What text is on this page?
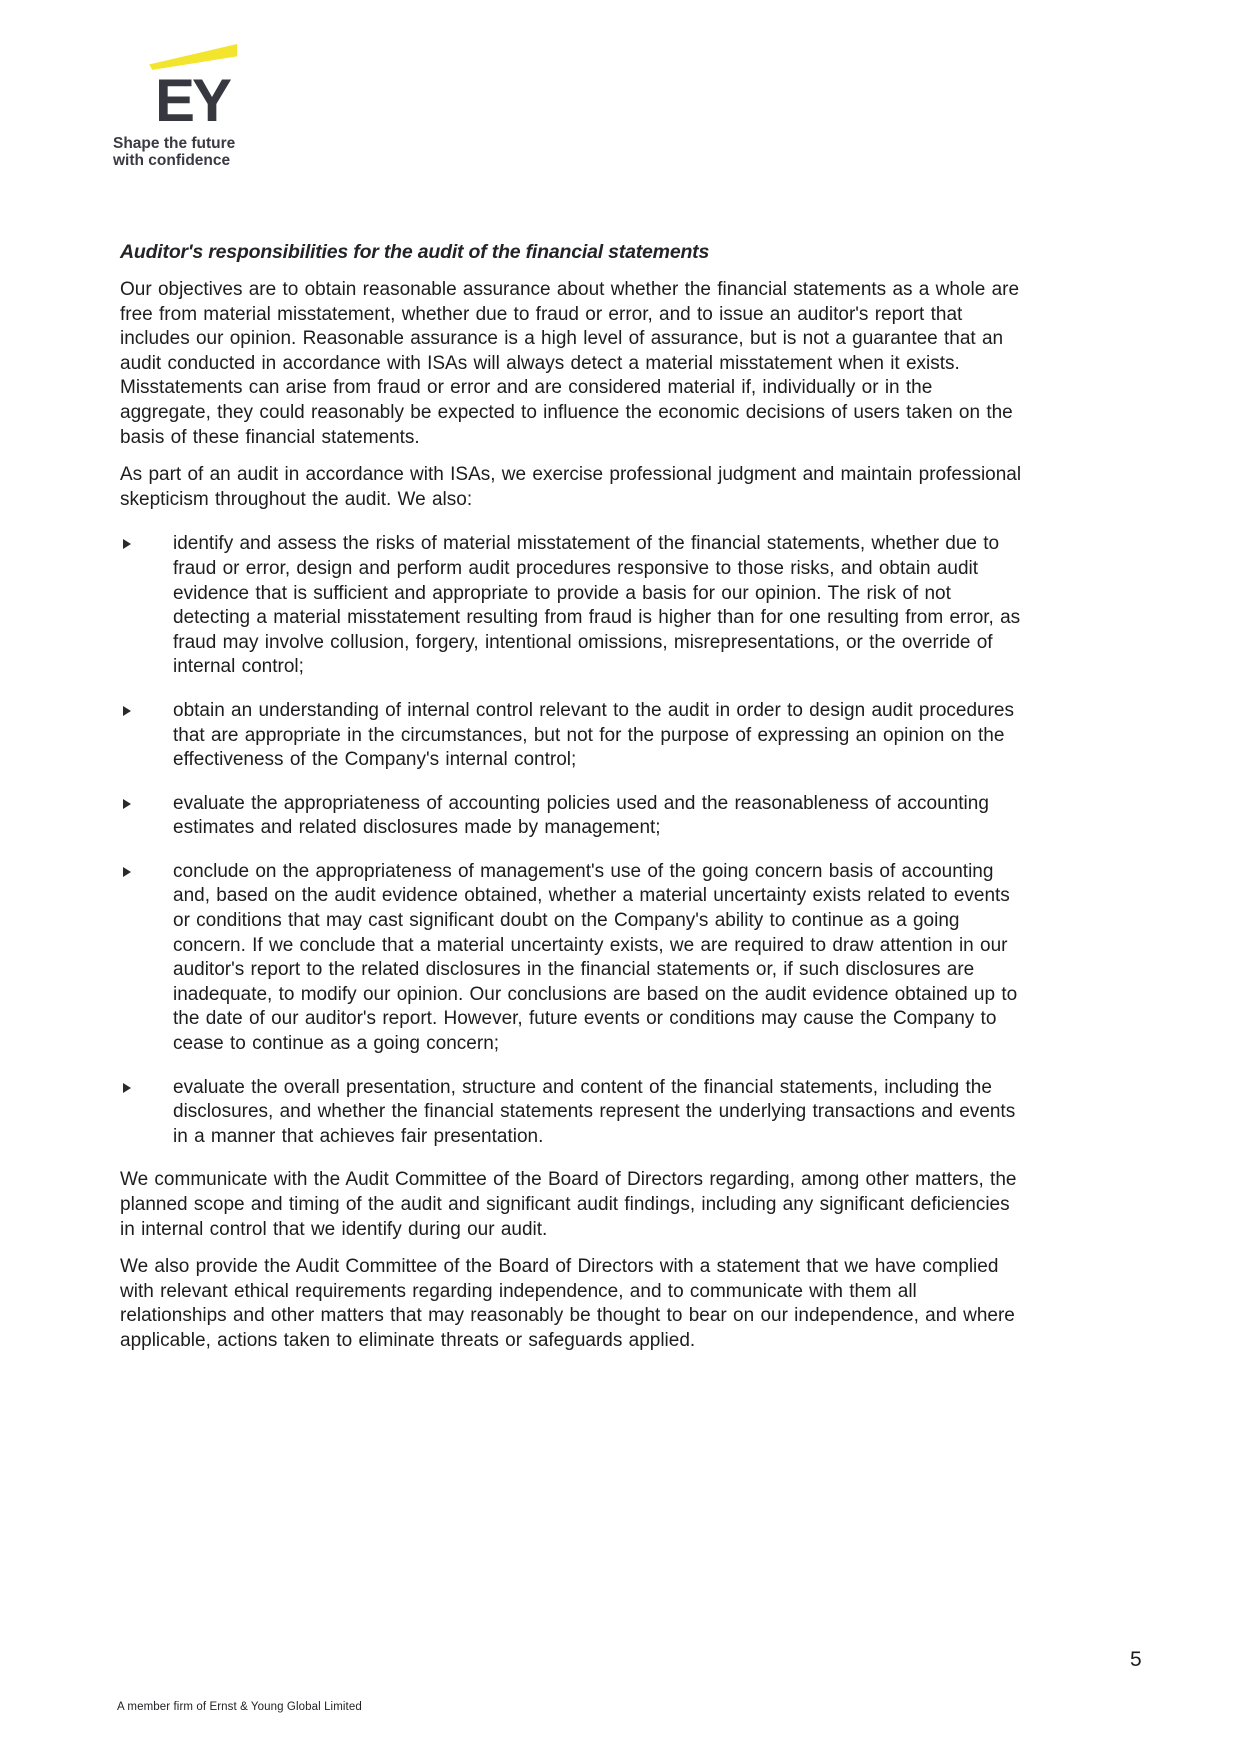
EY
Shape the future
with confidence
Auditor's responsibilities for the audit of the financial statements

Our objectives are to obtain reasonable assurance about whether the financial statements as a whole are free from material misstatement, whether due to fraud or error, and to issue an auditor's report that includes our opinion. Reasonable assurance is a high level of assurance, but is not a guarantee that an audit conducted in accordance with ISAs will always detect a material misstatement when it exists. Misstatements can arise from fraud or error and are considered material if, individually or in the aggregate, they could reasonably be expected to influence the economic decisions of users taken on the basis of these financial statements.

As part of an audit in accordance with ISAs, we exercise professional judgment and maintain professional skepticism throughout the audit. We also:

identify and assess the risks of material misstatement of the financial statements, whether due to fraud or error, design and perform audit procedures responsive to those risks, and obtain audit evidence that is sufficient and appropriate to provide a basis for our opinion. The risk of not detecting a material misstatement resulting from fraud is higher than for one resulting from error, as fraud may involve collusion, forgery, intentional omissions, misrepresentations, or the override of internal control;
obtain an understanding of internal control relevant to the audit in order to design audit procedures that are appropriate in the circumstances, but not for the purpose of expressing an opinion on the effectiveness of the Company's internal control;
evaluate the appropriateness of accounting policies used and the reasonableness of accounting estimates and related disclosures made by management;
conclude on the appropriateness of management's use of the going concern basis of accounting and, based on the audit evidence obtained, whether a material uncertainty exists related to events or conditions that may cast significant doubt on the Company's ability to continue as a going concern. If we conclude that a material uncertainty exists, we are required to draw attention in our auditor's report to the related disclosures in the financial statements or, if such disclosures are inadequate, to modify our opinion. Our conclusions are based on the audit evidence obtained up to the date of our auditor's report. However, future events or conditions may cause the Company to cease to continue as a going concern;
evaluate the overall presentation, structure and content of the financial statements, including the disclosures, and whether the financial statements represent the underlying transactions and events in a manner that achieves fair presentation.

We communicate with the Audit Committee of the Board of Directors regarding, among other matters, the planned scope and timing of the audit and significant audit findings, including any significant deficiencies in internal control that we identify during our audit.

We also provide the Audit Committee of the Board of Directors with a statement that we have complied with relevant ethical requirements regarding independence, and to communicate with them all relationships and other matters that may reasonably be thought to bear on our independence, and where applicable, actions taken to eliminate threats or safeguards applied.

5
A member firm of Ernst & Young Global Limited
